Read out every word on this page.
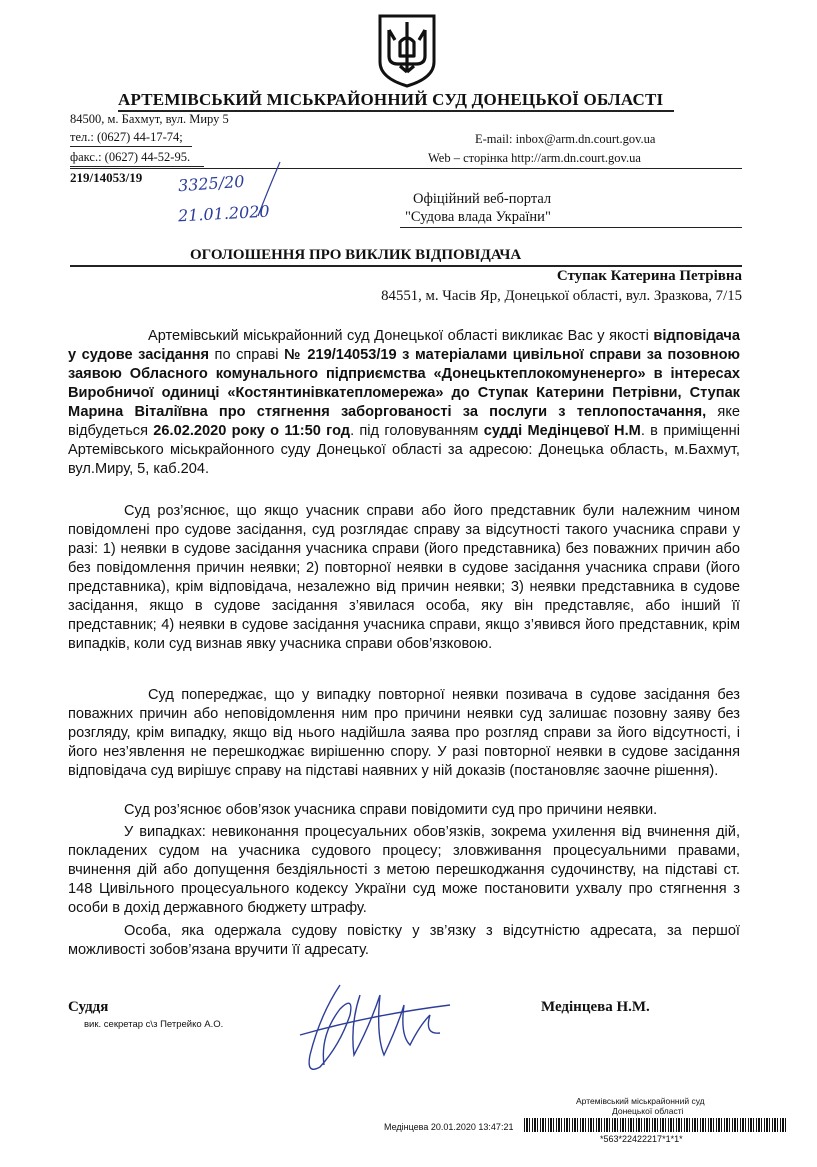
АРТЕМІВСЬКИЙ МІСЬКРАЙОННИЙ СУД ДОНЕЦЬКОЇ ОБЛАСТІ
84500, м. Бахмут, вул. Миру 5
тел.: (0627) 44-17-74;
факс.: (0627) 44-52-95.
E-mail: inbox@arm.dn.court.gov.ua
Web – сторінка http://arm.dn.court.gov.ua
219/14053/19 3325/20
21.01.2020
Офіційний веб-портал
"Судова влада України"
ОГОЛОШЕННЯ ПРО ВИКЛИК ВІДПОВІДАЧА
Ступак Катерина Петрівна
84551, м. Часів Яр, Донецької області, вул. Зразкова, 7/15
Артемівський міськрайонний суд Донецької області викликає Вас у якості відповідача у судове засідання по справі № 219/14053/19 з матеріалами цивільної справи за позовною заявою Обласного комунального підприємства «Донецьктеплокомуненерго» в інтересах Виробничої одиниці «Костянтинівкатепломережа» до Ступак Катерини Петрівни, Ступак Марина Віталіївна про стягнення заборгованості за послуги з теплопостачання, яке відбудеться 26.02.2020 року о 11:50 год. під головуванням судді Медінцевої Н.М. в приміщенні Артемівського міськрайонного суду Донецької області за адресою: Донецька область, м.Бахмут, вул.Миру, 5, каб.204.
Суд роз’яснює, що якщо учасник справи або його представник були належним чином повідомлені про судове засідання, суд розглядає справу за відсутності такого учасника справи у разі: 1) неявки в судове засідання учасника справи (його представника) без поважних причин або без повідомлення причин неявки; 2) повторної неявки в судове засідання учасника справи (його представника), крім відповідача, незалежно від причин неявки; 3) неявки представника в судове засідання, якщо в судове засідання з’явилася особа, яку він представляє, або інший її представник; 4) неявки в судове засідання учасника справи, якщо з’явився його представник, крім випадків, коли суд визнав явку учасника справи обов’язковою.
Суд попереджає, що у випадку повторної неявки позивача в судове засідання без поважних причин або неповідомлення ним про причини неявки суд залишає позовну заяву без розгляду, крім випадку, якщо від нього надійшла заява про розгляд справи за його відсутності, і його нез’явлення не перешкоджає вирішенню спору. У разі повторної неявки в судове засідання відповідача суд вирішує справу на підставі наявних у ній доказів (постановляє заочне рішення).
Суд роз’яснює обов’язок учасника справи повідомити суд про причини неявки.
У випадках: невиконання процесуальних обов’язків, зокрема ухилення від вчинення дій, покладених судом на учасника судового процесу; зловживання процесуальними правами, вчинення дій або допущення бездіяльності з метою перешкоджання судочинству, на підставі ст. 148 Цивільного процесуального кодексу України суд може постановити ухвалу про стягнення з особи в дохід державного бюджету штрафу.
Особа, яка одержала судову повістку у зв’язку з відсутністю адресата, за першої можливості зобов’язана вручити її адресату.
Суддя
вик. секретар с\з Петрейко А.О.
Медінцева Н.М.
Артемівський міськрайонний суд
Донецької області
Медінцева 20.01.2020 13:47:21
*563*22422217*1*1*
